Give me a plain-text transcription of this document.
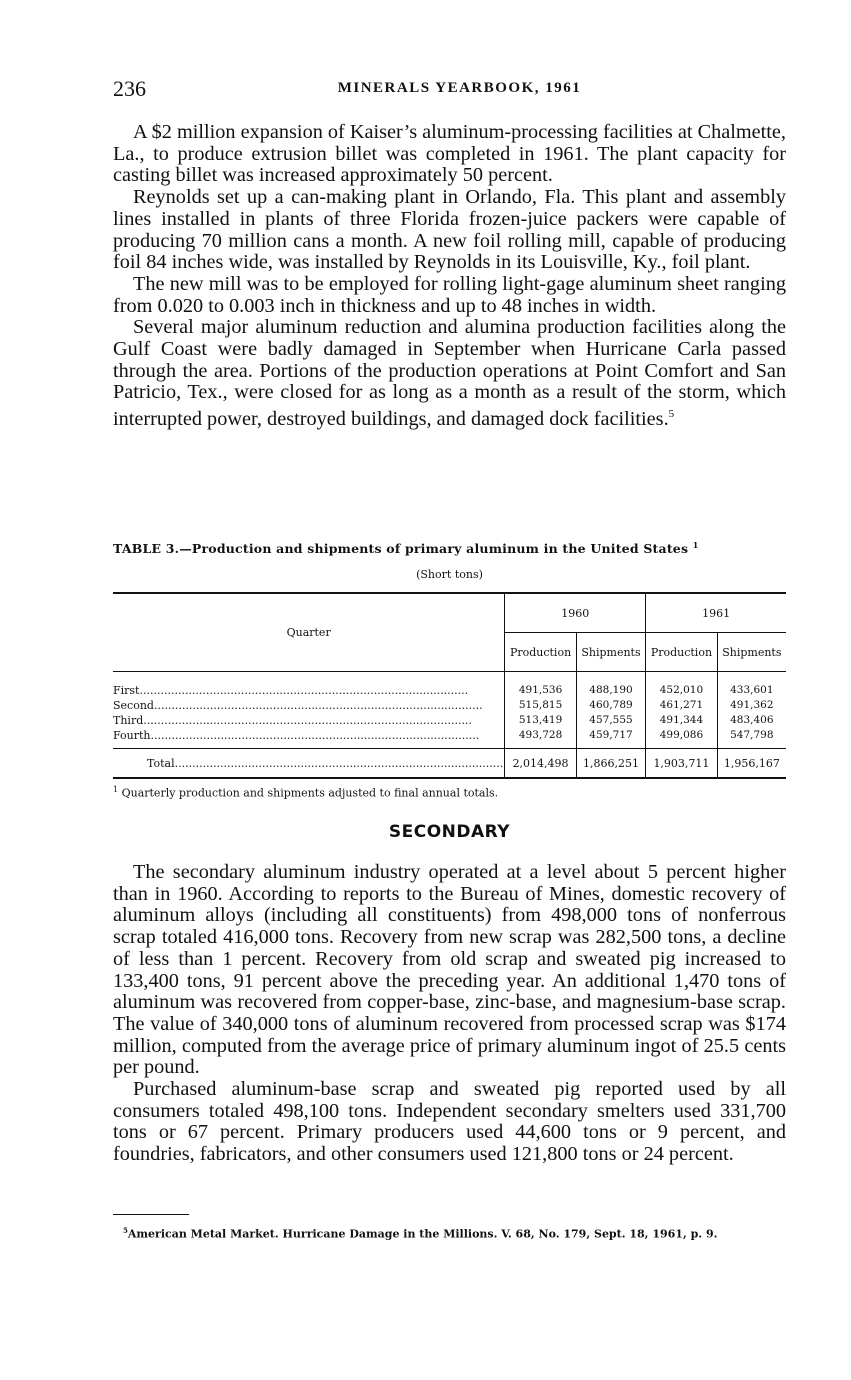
236	MINERALS YEARBOOK, 1961

A $2 million expansion of Kaiser’s aluminum-processing facilities at Chalmette, La., to produce extrusion billet was completed in 1961. The plant capacity for casting billet was increased approximately 50 percent.

Reynolds set up a can-making plant in Orlando, Fla. This plant and assembly lines installed in plants of three Florida frozen-juice packers were capable of producing 70 million cans a month. A new foil rolling mill, capable of producing foil 84 inches wide, was installed by Reynolds in its Louisville, Ky., foil plant.

The new mill was to be employed for rolling light-gage aluminum sheet ranging from 0.020 to 0.003 inch in thickness and up to 48 inches in width.

Several major aluminum reduction and alumina production facilities along the Gulf Coast were badly damaged in September when Hurricane Carla passed through the area. Portions of the production operations at Point Comfort and San Patricio, Tex., were closed for as long as a month as a result of the storm, which interrupted power, destroyed buildings, and damaged dock facilities.$^5$

TABLE 3.—Production and shipments of primary aluminum in the United States $^1$
(Short tons)
Quarter	1960		1961	
	Production	Shipments	Production	Shipments
First..............................................................................................	491,536	488,190	452,010	433,601
Second..............................................................................................	515,815	460,789	461,271	491,362
Third..............................................................................................	513,419	457,555	491,344	483,406
Fourth..............................................................................................	493,728	459,717	499,086	547,798
Total..............................................................................................	2,014,498	1,866,251	1,903,711	1,956,167
$^1$ Quarterly production and shipments adjusted to final annual totals.
SECONDARY

The secondary aluminum industry operated at a level about 5 percent higher than in 1960. According to reports to the Bureau of Mines, domestic recovery of aluminum alloys (including all constituents) from 498,000 tons of nonferrous scrap totaled 416,000 tons. Recovery from new scrap was 282,500 tons, a decline of less than 1 percent. Recovery from old scrap and sweated pig increased to 133,400 tons, 91 percent above the preceding year. An additional 1,470 tons of aluminum was recovered from copper-base, zinc-base, and magnesium-base scrap. The value of 340,000 tons of aluminum recovered from processed scrap was $174 million, computed from the average price of primary aluminum ingot of 25.5 cents per pound.

Purchased aluminum-base scrap and sweated pig reported used by all consumers totaled 498,100 tons. Independent secondary smelters used 331,700 tons or 67 percent. Primary producers used 44,600 tons or 9 percent, and foundries, fabricators, and other consumers used 121,800 tons or 24 percent.

$^5$American Metal Market. Hurricane Damage in the Millions. V. 68, No. 179, Sept. 18, 1961, p. 9.
